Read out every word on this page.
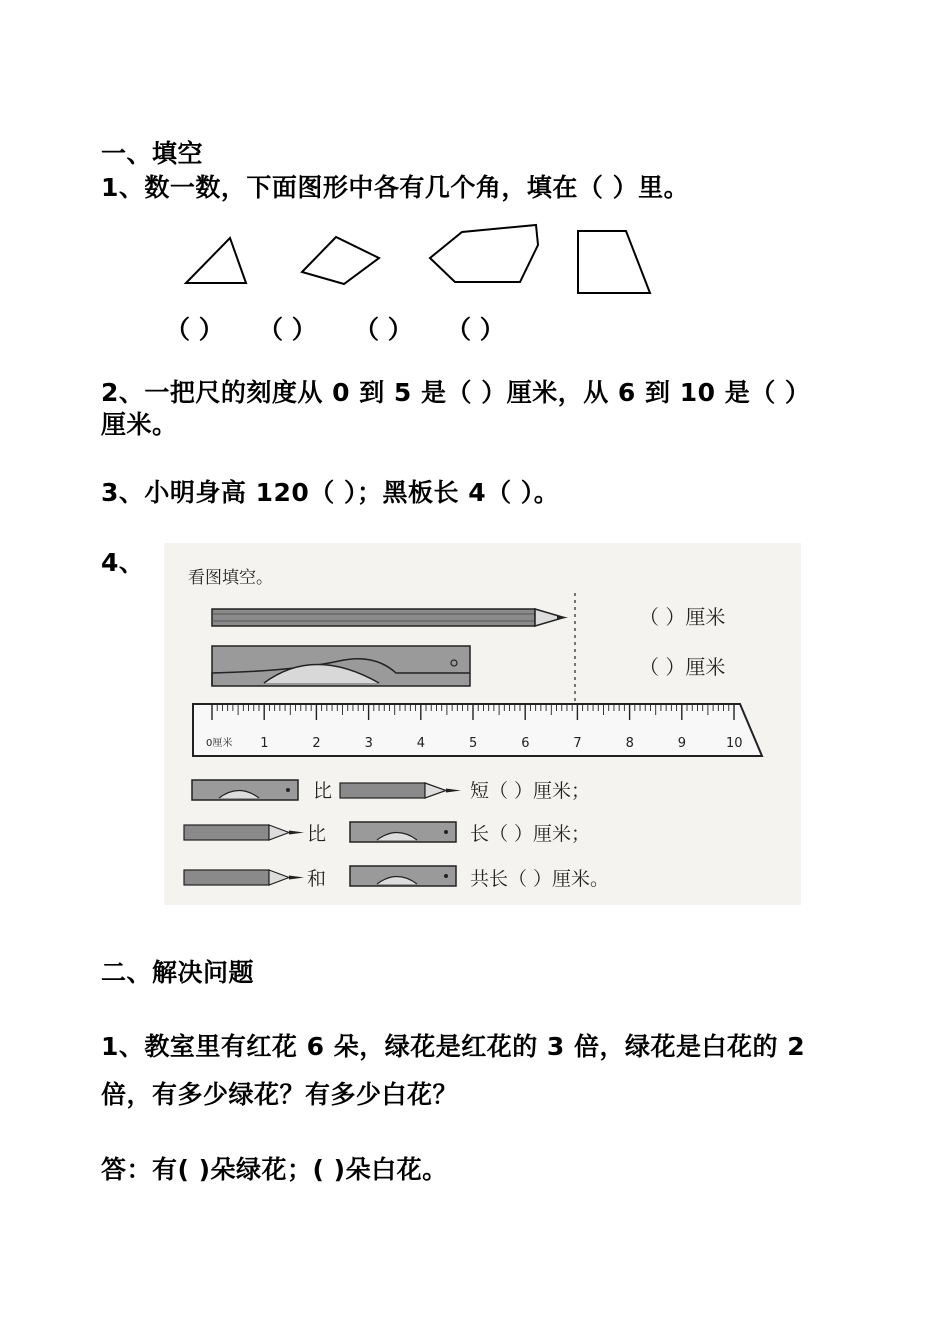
一、填空
1、数一数，下面图形中各有几个角，填在（ ）里。
（ ） （ ） （ ） （ ）
2、一把尺的刻度从 0 到 5 是（ ）厘米，从 6 到 10 是（ ）
厘米。
3、小明身高 120（ ）；黑板长 4（ ）。
4、
看图填空。
（ ）厘米
（ ）厘米
0厘米 1	2	3	4	5	6	7	8	9	10
比	短（ ）厘米；
比	长（ ）厘米；
和	共长（ ）厘米。
二、解决问题
1、教室里有红花 6 朵，绿花是红花的 3 倍，绿花是白花的 2
倍，有多少绿花？有多少白花？
答：有( )朵绿花；( )朵白花。
